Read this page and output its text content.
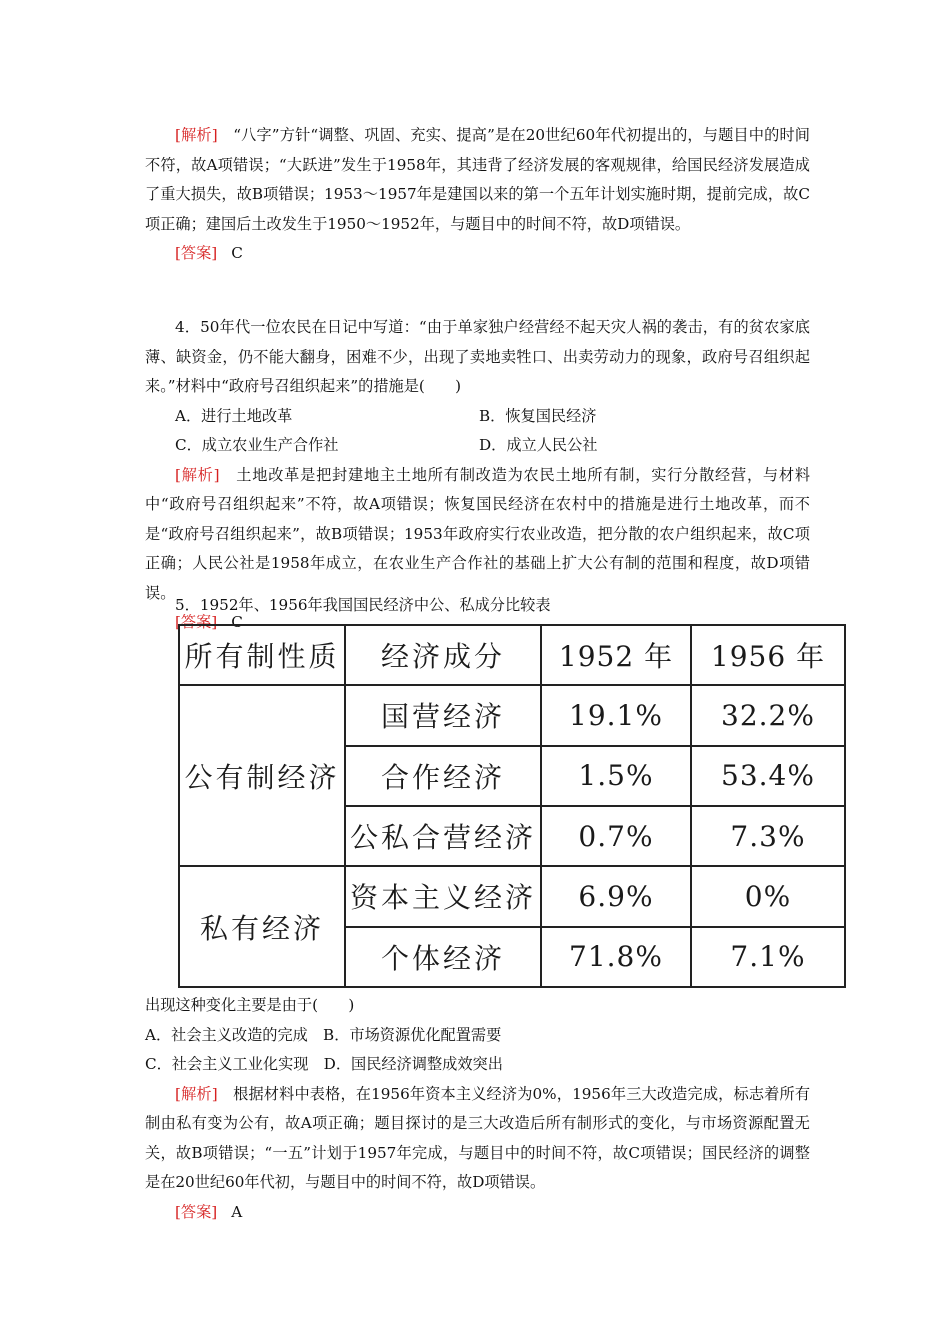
[解析]　 “八字”方针“调整、巩固、充实、提高”是在20世纪60年代初提出的，与题目中的时间不符，故A项错误；“大跃进”发生于1958年，其违背了经济发展的客观规律，给国民经济发展造成了重大损失，故B项错误；1953～1957年是建国以来的第一个五年计划实施时期，提前完成，故C项正确；建国后土改发生于1950～1952年，与题目中的时间不符，故D项错误。

[答案] C

4．50年代一位农民在日记中写道：“由于单家独户经营经不起天灾人祸的袭击，有的贫农家底薄、缺资金，仍不能大翻身，困难不少，出现了卖地卖牲口、出卖劳动力的现象，政府号召组织起来。”材料中“政府号召组织起来”的措施是(　　)

A．进行土地改革	B．恢复国民经济
C．成立农业生产合作社	D．成立人民公社

[解析]　 土地改革是把封建地主土地所有制改造为农民土地所有制，实行分散经营，与材料中“政府号召组织起来”不符，故A项错误；恢复国民经济在农村中的措施是进行土地改革，而不是“政府号召组织起来”，故B项错误；1953年政府实行农业改造，把分散的农户组织起来，故C项正确；人民公社是1958年成立，在农业生产合作社的基础上扩大公有制的范围和程度，故D项错误。

[答案] C

5．1952年、1956年我国国民经济中公、私成分比较表

所有制性质	经济成分	1952 年	1956 年
公有制经济	国营经济	19.1%	32.2%
	合作经济	1.5%	53.4%
	公私合营经济	0.7%	7.3%
私有经济	资本主义经济	6.9%	0%
	个体经济	71.8%	7.1%

出现这种变化主要是由于(　　)

A．社会主义改造的完成　B．市场资源优化配置需要

C．社会主义工业化实现　D．国民经济调整成效突出

[解析]　 根据材料中表格，在1956年资本主义经济为0%，1956年三大改造完成，标志着所有制由私有变为公有，故A项正确；题目探讨的是三大改造后所有制形式的变化，与市场资源配置无关，故B项错误；“一五”计划于1957年完成，与题目中的时间不符，故C项错误；国民经济的调整是在20世纪60年代初，与题目中的时间不符，故D项错误。

[答案] A
